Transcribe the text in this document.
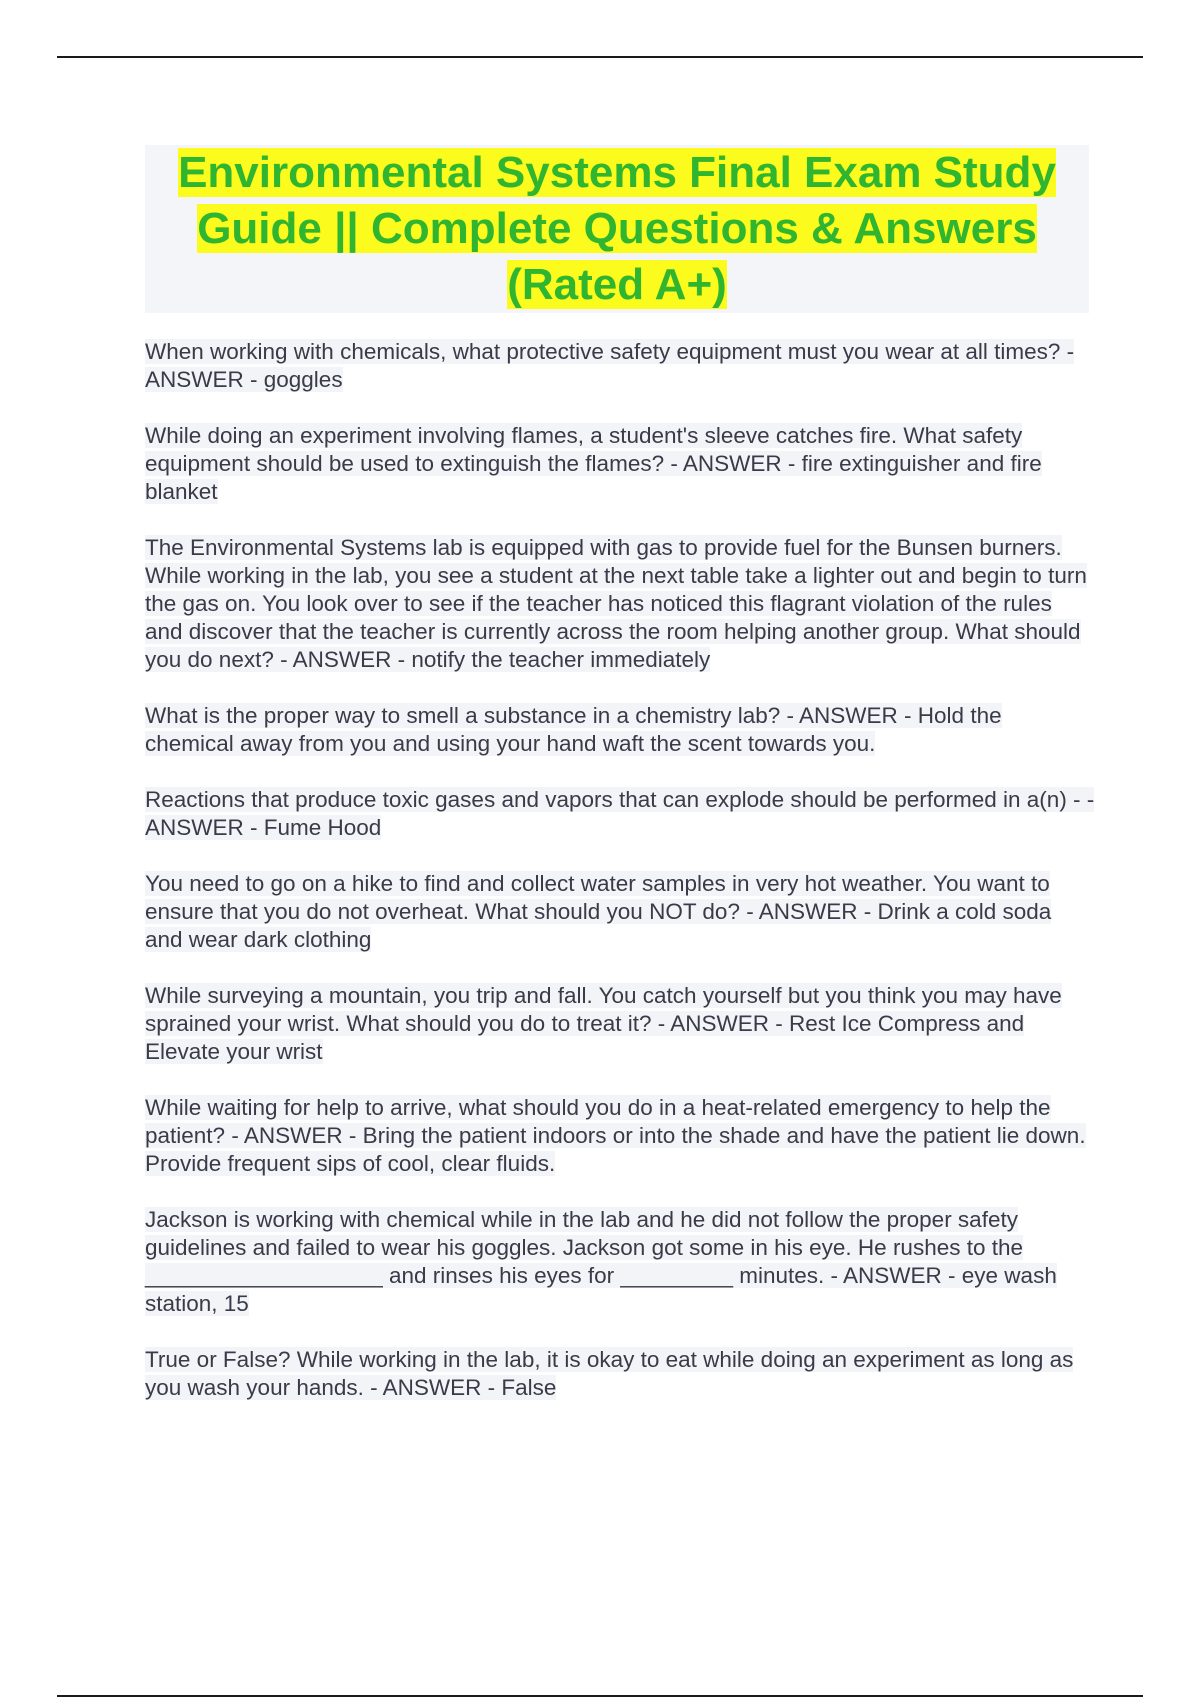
Environmental Systems Final Exam Study Guide || Complete Questions & Answers (Rated A+)

When working with chemicals, what protective safety equipment must you wear at all times? - ANSWER - goggles

While doing an experiment involving flames, a student's sleeve catches fire. What safety equipment should be used to extinguish the flames? - ANSWER - fire extinguisher and fire blanket

The Environmental Systems lab is equipped with gas to provide fuel for the Bunsen burners. While working in the lab, you see a student at the next table take a lighter out and begin to turn the gas on. You look over to see if the teacher has noticed this flagrant violation of the rules and discover that the teacher is currently across the room helping another group. What should you do next? - ANSWER - notify the teacher immediately

What is the proper way to smell a substance in a chemistry lab? - ANSWER - Hold the chemical away from you and using your hand waft the scent towards you.

Reactions that produce toxic gases and vapors that can explode should be performed in a(n) - - ANSWER - Fume Hood

You need to go on a hike to find and collect water samples in very hot weather. You want to ensure that you do not overheat. What should you NOT do? - ANSWER - Drink a cold soda and wear dark clothing

While surveying a mountain, you trip and fall. You catch yourself but you think you may have sprained your wrist. What should you do to treat it? - ANSWER - Rest Ice Compress and Elevate your wrist

While waiting for help to arrive, what should you do in a heat-related emergency to help the patient? - ANSWER - Bring the patient indoors or into the shade and have the patient lie down. Provide frequent sips of cool, clear fluids.

Jackson is working with chemical while in the lab and he did not follow the proper safety guidelines and failed to wear his goggles. Jackson got some in his eye. He rushes to the ___________________ and rinses his eyes for _________ minutes. - ANSWER - eye wash station, 15

True or False? While working in the lab, it is okay to eat while doing an experiment as long as you wash your hands. - ANSWER - False
